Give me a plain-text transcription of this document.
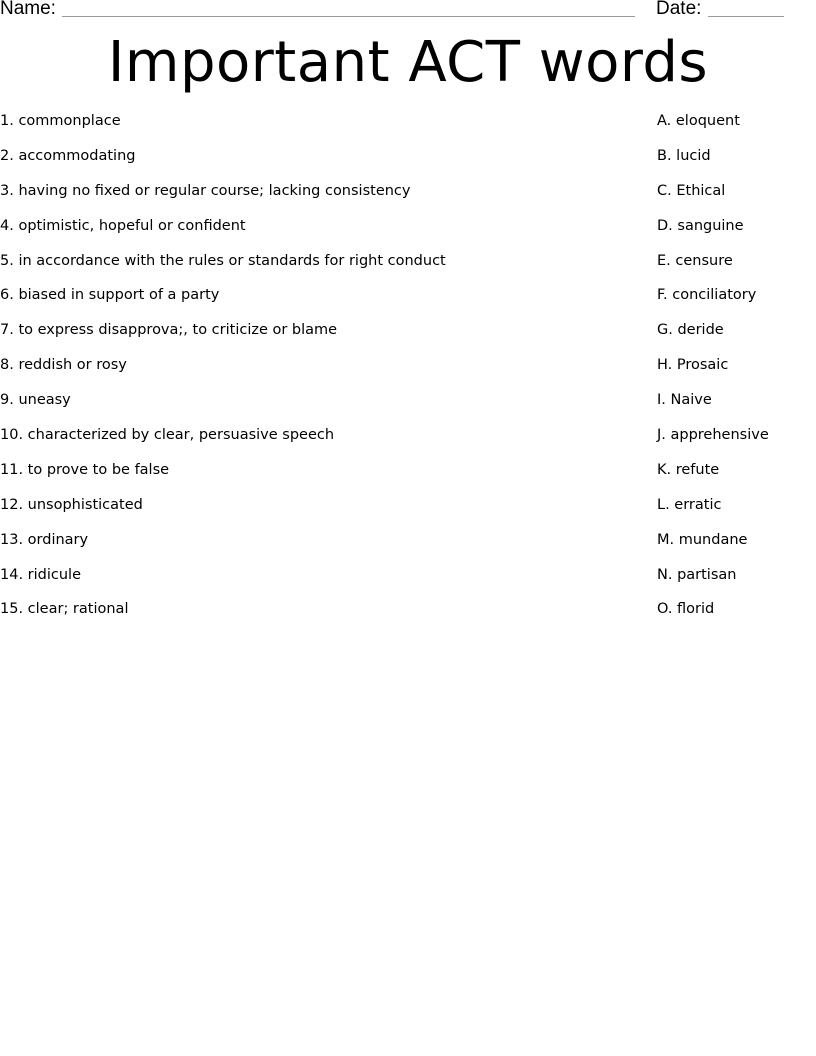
Name:	Date:
Important ACT words
1. commonplace
2. accommodating
3. having no fixed or regular course; lacking consistency
4. optimistic, hopeful or confident
5. in accordance with the rules or standards for right conduct
6. biased in support of a party
7. to express disapprova;, to criticize or blame
8. reddish or rosy
9. uneasy
10. characterized by clear, persuasive speech
11. to prove to be false
12. unsophisticated
13. ordinary
14. ridicule
15. clear; rational
A. eloquent
B. lucid
C. Ethical
D. sanguine
E. censure
F. conciliatory
G. deride
H. Prosaic
I. Naive
J. apprehensive
K. refute
L. erratic
M. mundane
N. partisan
O. florid
